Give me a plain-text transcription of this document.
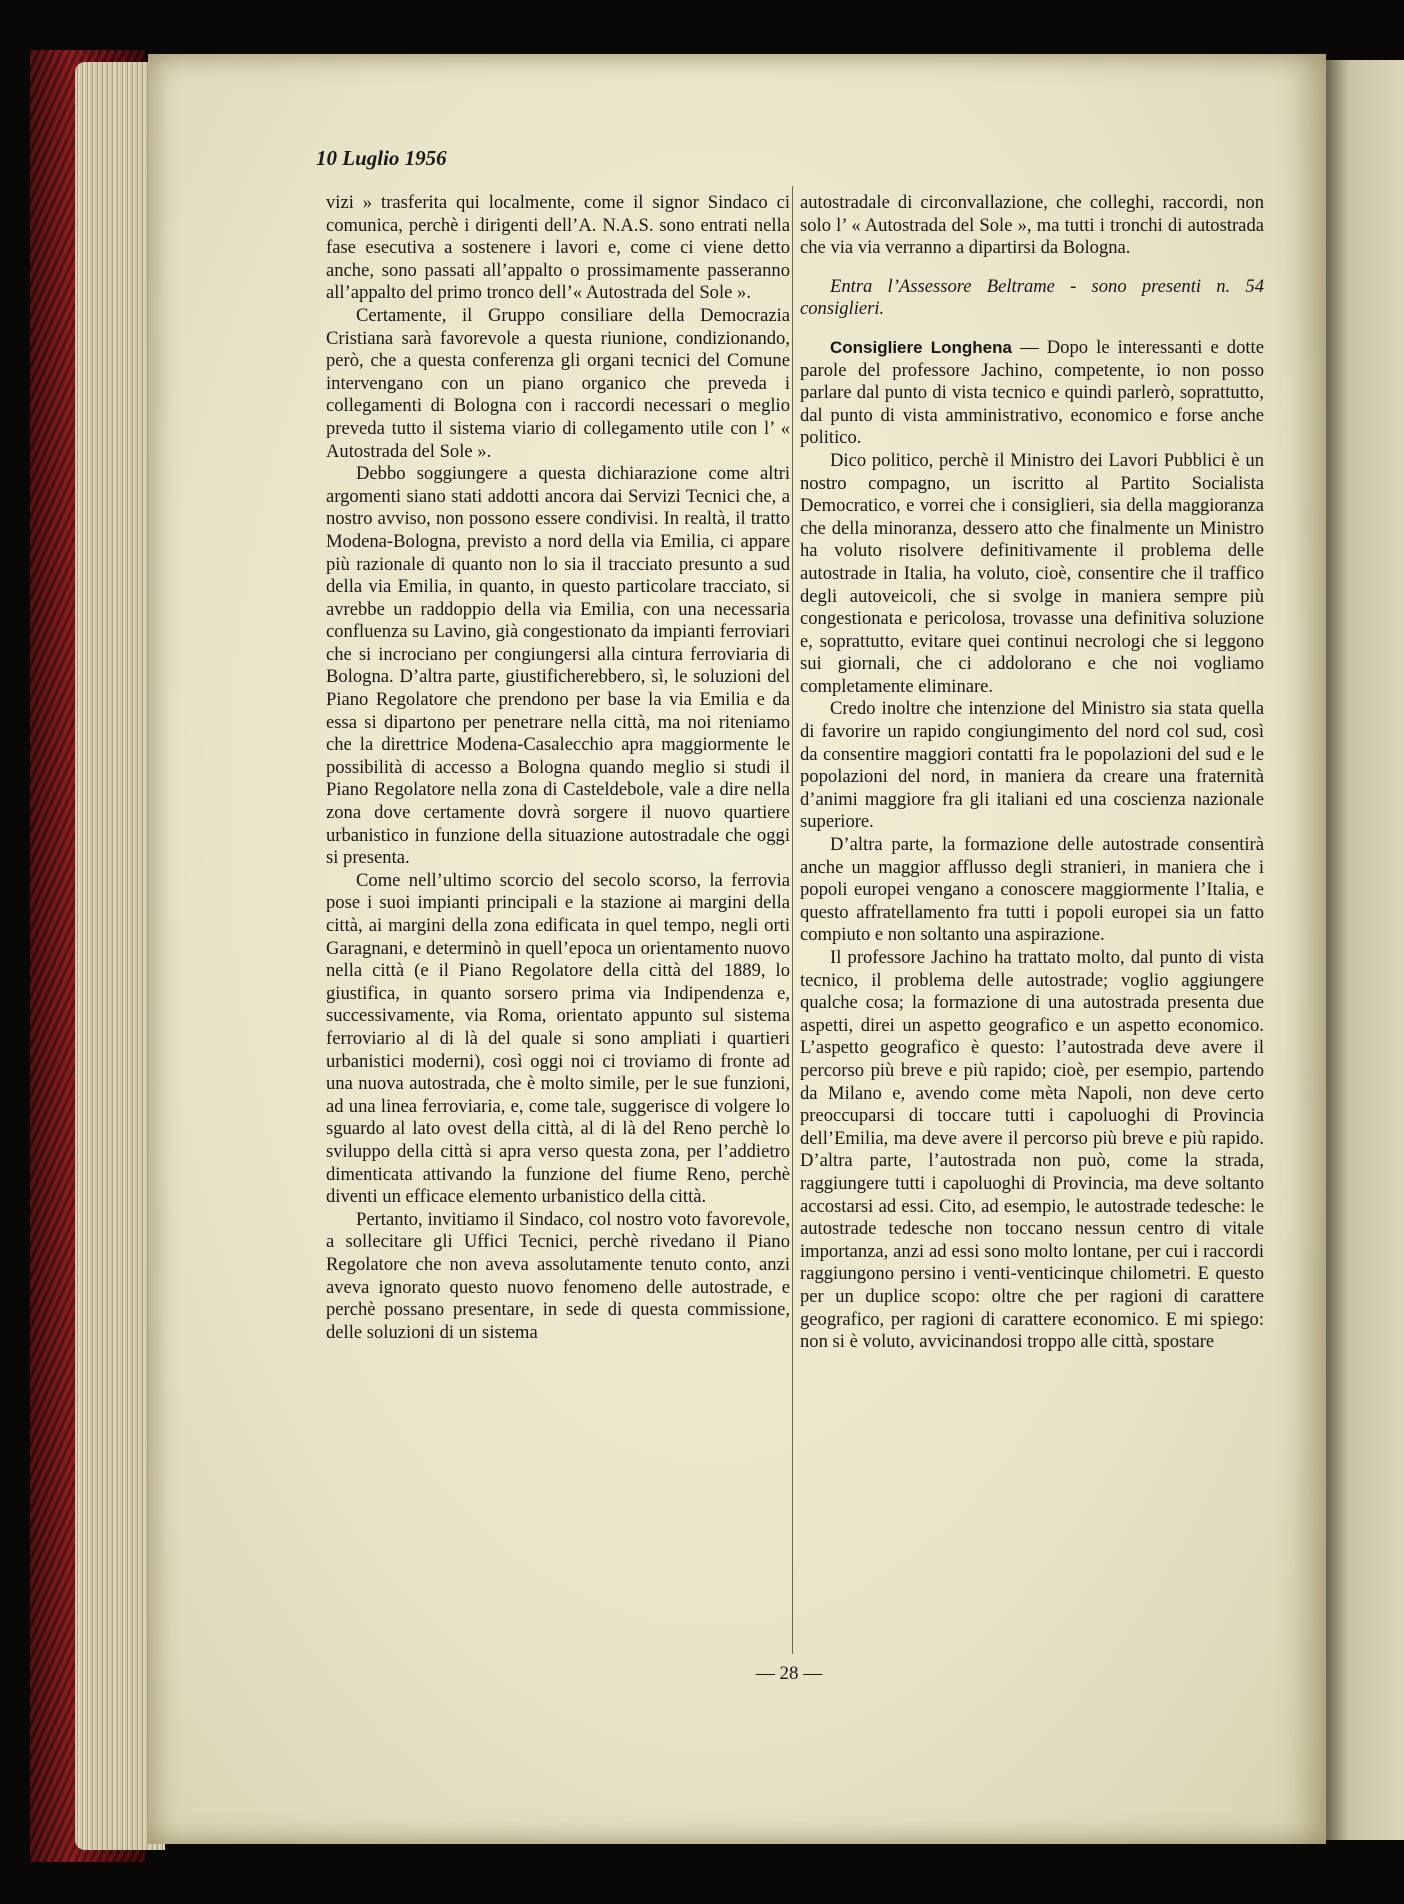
10 Luglio 1956

vizi » trasferita qui localmente, come il signor Sindaco ci comunica, perchè i dirigenti dell’A. N.A.S. sono entrati nella fase esecutiva a sostenere i lavori e, come ci viene detto anche, sono passati all’appalto o prossimamente passeranno all’appalto del primo tronco dell’« Autostrada del Sole ».

Certamente, il Gruppo consiliare della Democrazia Cristiana sarà favorevole a questa riunione, condizionando, però, che a questa conferenza gli organi tecnici del Comune intervengano con un piano organico che preveda i collegamenti di Bologna con i raccordi necessari o meglio preveda tutto il sistema viario di collegamento utile con l’ « Autostrada del Sole ».

Debbo soggiungere a questa dichiarazione come altri argomenti siano stati addotti ancora dai Servizi Tecnici che, a nostro avviso, non possono essere condivisi. In realtà, il tratto Modena-Bologna, previsto a nord della via Emilia, ci appare più razionale di quanto non lo sia il tracciato presunto a sud della via Emilia, in quanto, in questo particolare tracciato, si avrebbe un raddoppio della via Emilia, con una necessaria confluenza su Lavino, già congestionato da impianti ferroviari che si incrociano per congiungersi alla cintura ferroviaria di Bologna. D’altra parte, giustificherebbero, sì, le soluzioni del Piano Regolatore che prendono per base la via Emilia e da essa si dipartono per penetrare nella città, ma noi riteniamo che la direttrice Modena-Casalecchio apra maggiormente le possibilità di accesso a Bologna quando meglio si studi il Piano Regolatore nella zona di Casteldebole, vale a dire nella zona dove certamente dovrà sorgere il nuovo quartiere urbanistico in funzione della situazione autostradale che oggi si presenta.

Come nell’ultimo scorcio del secolo scorso, la ferrovia pose i suoi impianti principali e la stazione ai margini della città, ai margini della zona edificata in quel tempo, negli orti Garagnani, e determinò in quell’epoca un orientamento nuovo nella città (e il Piano Regolatore della città del 1889, lo giustifica, in quanto sorsero prima via Indipendenza e, successivamente, via Roma, orientato appunto sul sistema ferroviario al di là del quale si sono ampliati i quartieri urbanistici moderni), così oggi noi ci troviamo di fronte ad una nuova autostrada, che è molto simile, per le sue funzioni, ad una linea ferroviaria, e, come tale, suggerisce di volgere lo sguardo al lato ovest della città, al di là del Reno perchè lo sviluppo della città si apra verso questa zona, per l’addietro dimenticata attivando la funzione del fiume Reno, perchè diventi un efficace elemento urbanistico della città.

Pertanto, invitiamo il Sindaco, col nostro voto favorevole, a sollecitare gli Uffici Tecnici, perchè rivedano il Piano Regolatore che non aveva assolutamente tenuto conto, anzi aveva ignorato questo nuovo fenomeno delle autostrade, e perchè possano presentare, in sede di questa commissione, delle soluzioni di un sistema

autostradale di circonvallazione, che colleghi, raccordi, non solo l’ « Autostrada del Sole », ma tutti i tronchi di autostrada che via via verranno a dipartirsi da Bologna.

Entra l’Assessore Beltrame - sono presenti n. 54 consiglieri.

Consigliere Longhena — Dopo le interessanti e dotte parole del professore Jachino, competente, io non posso parlare dal punto di vista tecnico e quindi parlerò, soprattutto, dal punto di vista amministrativo, economico e forse anche politico.

Dico politico, perchè il Ministro dei Lavori Pubblici è un nostro compagno, un iscritto al Partito Socialista Democratico, e vorrei che i consiglieri, sia della maggioranza che della minoranza, dessero atto che finalmente un Ministro ha voluto risolvere definitivamente il problema delle autostrade in Italia, ha voluto, cioè, consentire che il traffico degli autoveicoli, che si svolge in maniera sempre più congestionata e pericolosa, trovasse una definitiva soluzione e, soprattutto, evitare quei continui necrologi che si leggono sui giornali, che ci addolorano e che noi vogliamo completamente eliminare.

Credo inoltre che intenzione del Ministro sia stata quella di favorire un rapido congiungimento del nord col sud, così da consentire maggiori contatti fra le popolazioni del sud e le popolazioni del nord, in maniera da creare una fraternità d’animi maggiore fra gli italiani ed una coscienza nazionale superiore.

D’altra parte, la formazione delle autostrade consentirà anche un maggior afflusso degli stranieri, in maniera che i popoli europei vengano a conoscere maggiormente l’Italia, e questo affratellamento fra tutti i popoli europei sia un fatto compiuto e non soltanto una aspirazione.

Il professore Jachino ha trattato molto, dal punto di vista tecnico, il problema delle autostrade; voglio aggiungere qualche cosa; la formazione di una autostrada presenta due aspetti, direi un aspetto geografico e un aspetto economico. L’aspetto geografico è questo: l’autostrada deve avere il percorso più breve e più rapido; cioè, per esempio, partendo da Milano e, avendo come mèta Napoli, non deve certo preoccuparsi di toccare tutti i capoluoghi di Provincia dell’Emilia, ma deve avere il percorso più breve e più rapido. D’altra parte, l’autostrada non può, come la strada, raggiungere tutti i capoluoghi di Provincia, ma deve soltanto accostarsi ad essi. Cito, ad esempio, le autostrade tedesche: le autostrade tedesche non toccano nessun centro di vitale importanza, anzi ad essi sono molto lontane, per cui i raccordi raggiungono persino i venti-venticinque chilometri. E questo per un duplice scopo: oltre che per ragioni di carattere geografico, per ragioni di carattere economico. E mi spiego: non si è voluto, avvicinandosi troppo alle città, spostare

— 28 —
